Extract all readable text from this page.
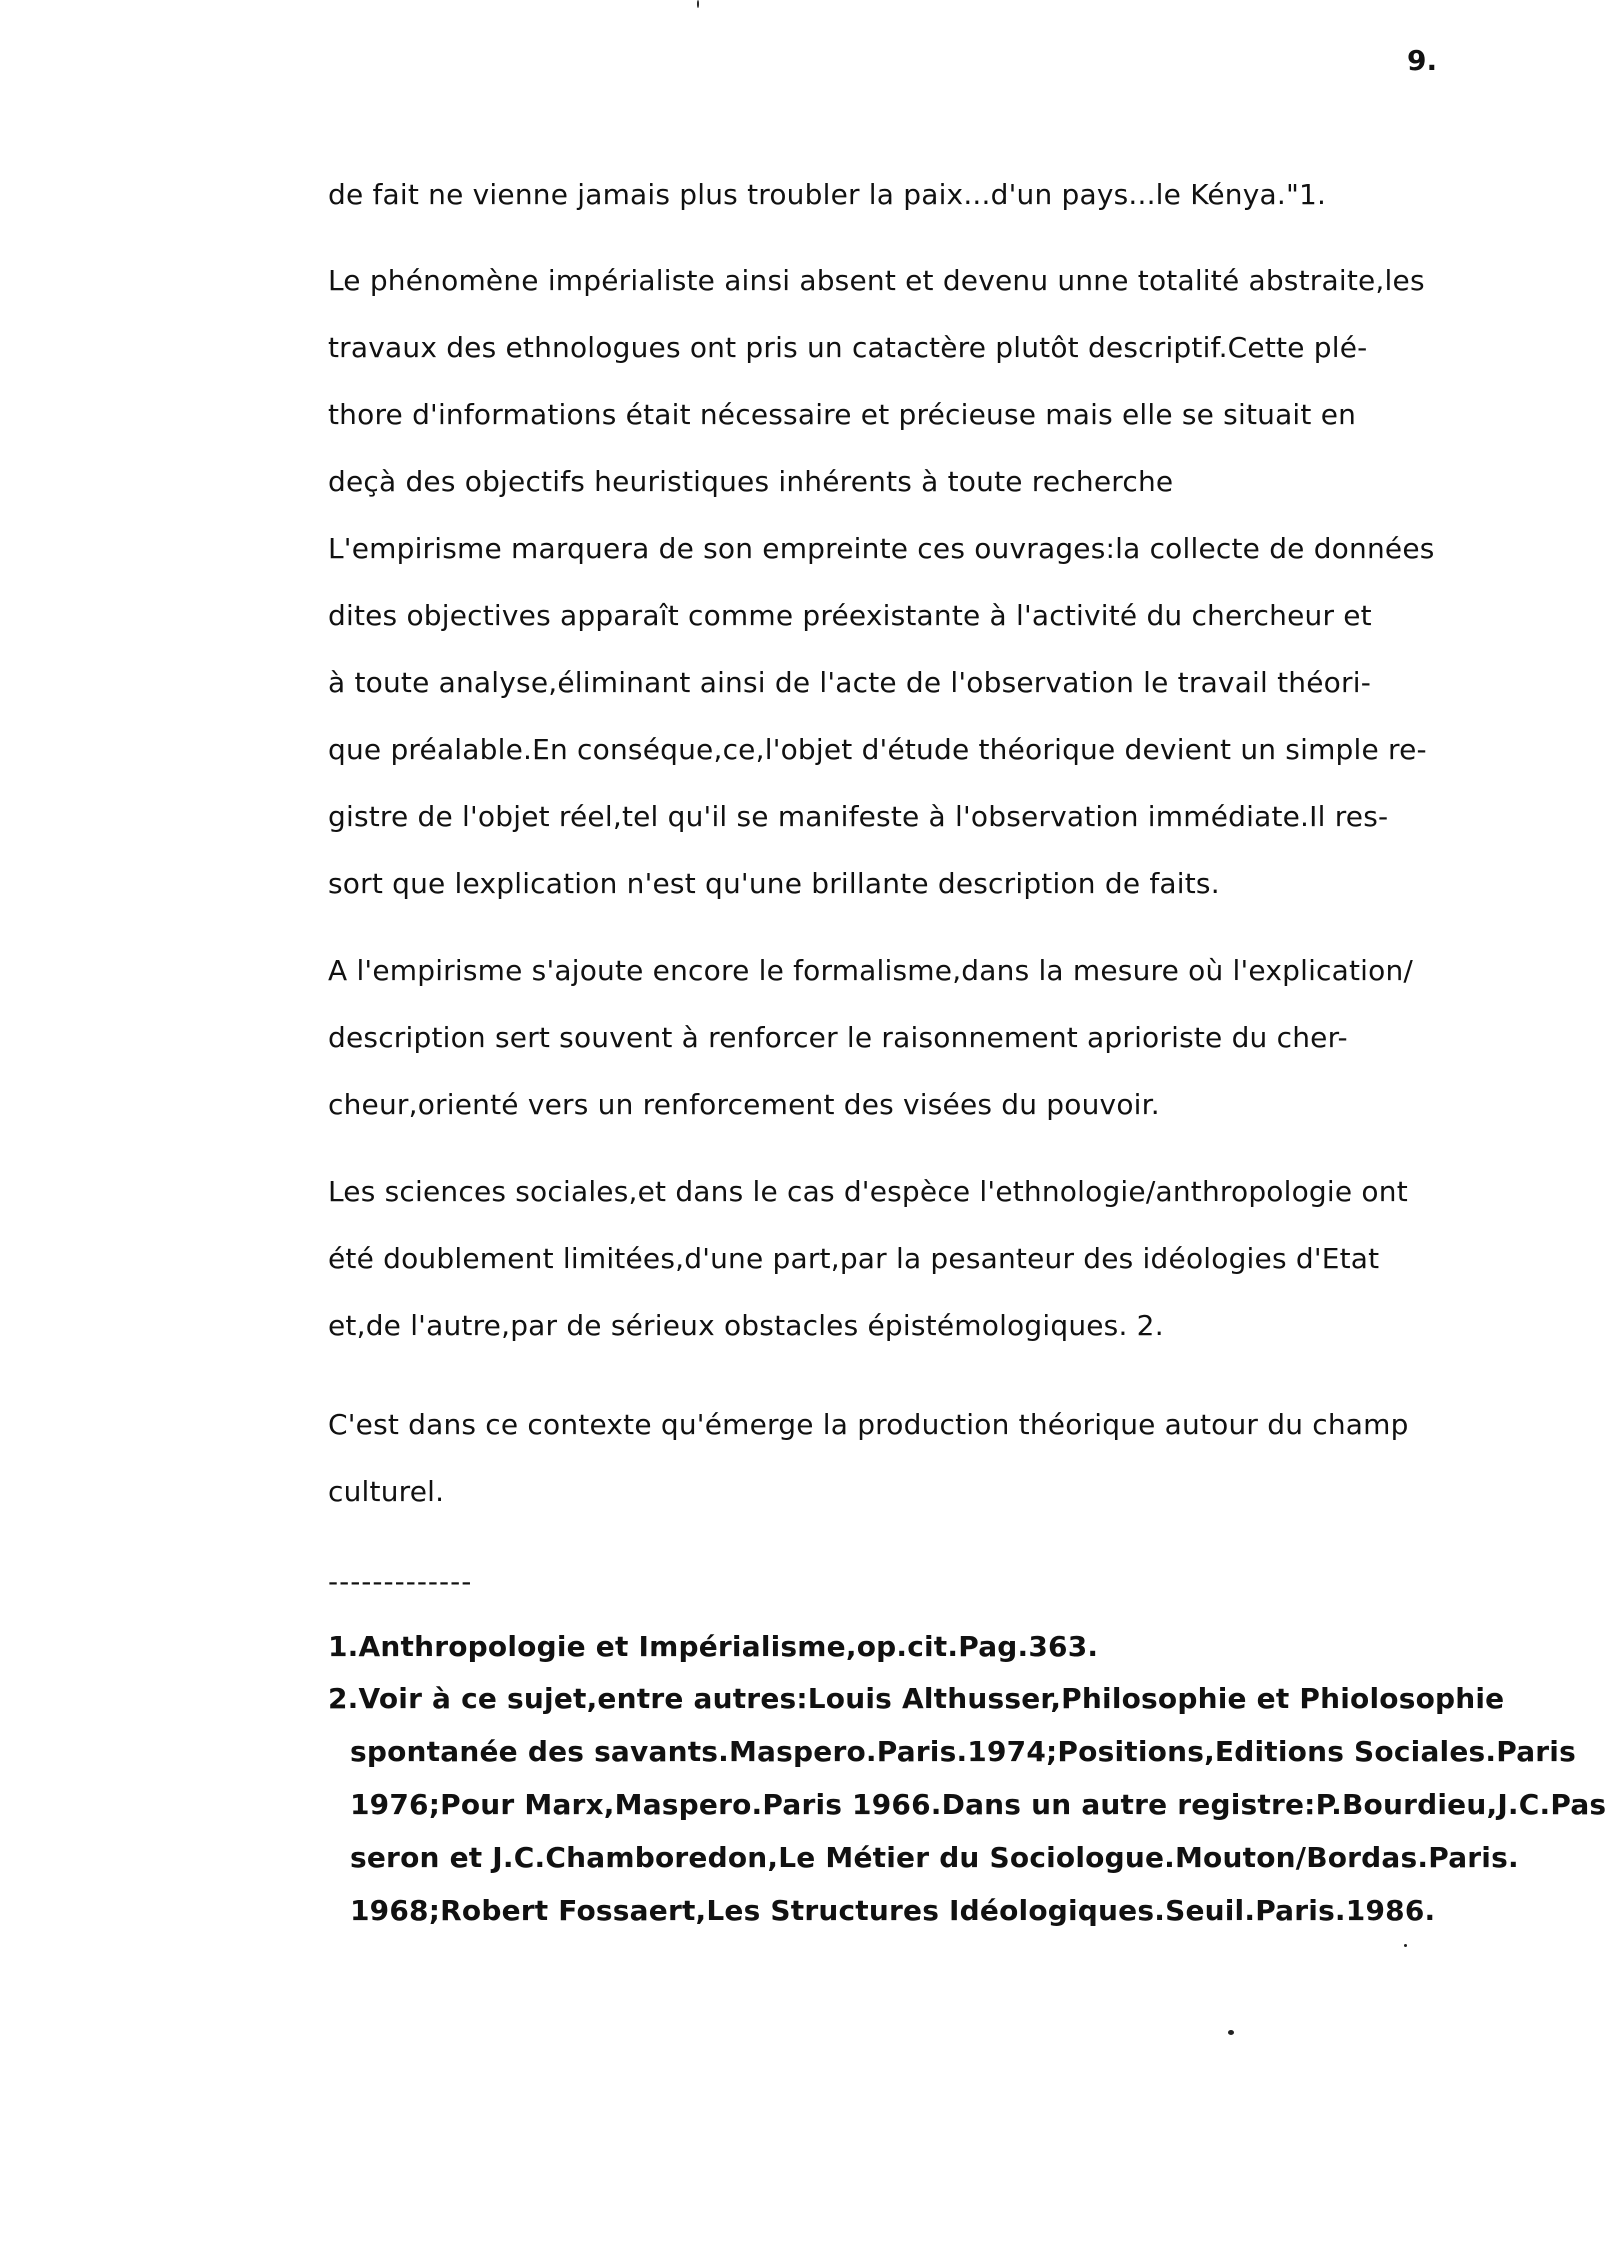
9.
de fait ne vienne jamais plus troubler la paix...d'un pays...le Kénya."1.
Le phénomène impérialiste ainsi absent et devenu unne totalité abstraite,les
travaux des ethnologues ont pris un catactère plutôt descriptif.Cette plé-
thore d'informations était nécessaire et précieuse mais elle se situait en
deçà des objectifs heuristiques inhérents à toute recherche
L'empirisme marquera de son empreinte ces ouvrages:la collecte de données
dites objectives apparaît comme préexistante à l'activité du chercheur et
à toute analyse,éliminant ainsi de l'acte de l'observation le travail théori-
que préalable.En conséque,ce,l'objet d'étude théorique devient un simple re-
gistre de l'objet réel,tel qu'il se manifeste à l'observation immédiate.Il res-
sort que lexplication n'est qu'une brillante description de faits.
A l'empirisme s'ajoute encore le formalisme,dans la mesure où l'explication/
description sert souvent à renforcer le raisonnement aprioriste du cher-
cheur,orienté vers un renforcement des visées du pouvoir.
Les sciences sociales,et dans le cas d'espèce l'ethnologie/anthropologie ont
été doublement limitées,d'une part,par la pesanteur des idéologies d'Etat
et,de l'autre,par de sérieux obstacles épistémologiques. 2.
C'est dans ce contexte qu'émerge la production théorique autour du champ
culturel.
-------------
1.Anthropologie et Impérialisme,op.cit.Pag.363.
2.Voir à ce sujet,entre autres:Louis Althusser,Philosophie et Phiolosophie
spontanée des savants.Maspero.Paris.1974;Positions,Editions Sociales.Paris
1976;Pour Marx,Maspero.Paris 1966.Dans un autre registre:P.Bourdieu,J.C.Pas
seron et J.C.Chamboredon,Le Métier du Sociologue.Mouton/Bordas.Paris.
1968;Robert Fossaert,Les Structures Idéologiques.Seuil.Paris.1986.
